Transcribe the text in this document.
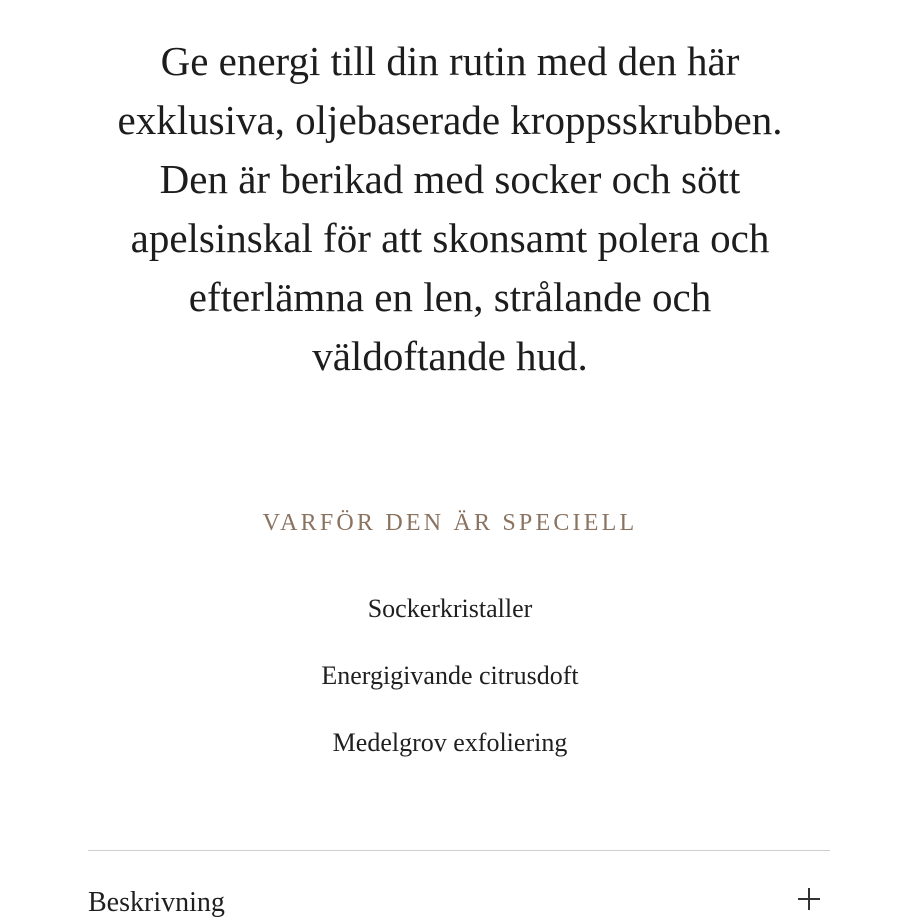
Ge energi till din rutin med den här
exklusiva, oljebaserade kroppsskrubben.
Den är berikad med socker och sött
apelsinskal för att skonsamt polera och
efterlämna en len, strålande och
väldoftande hud.

VARFÖR DEN ÄR SPECIELL
Sockerkristaller
Energigivande citrusdoft
Medelgrov exfoliering
Beskrivning
